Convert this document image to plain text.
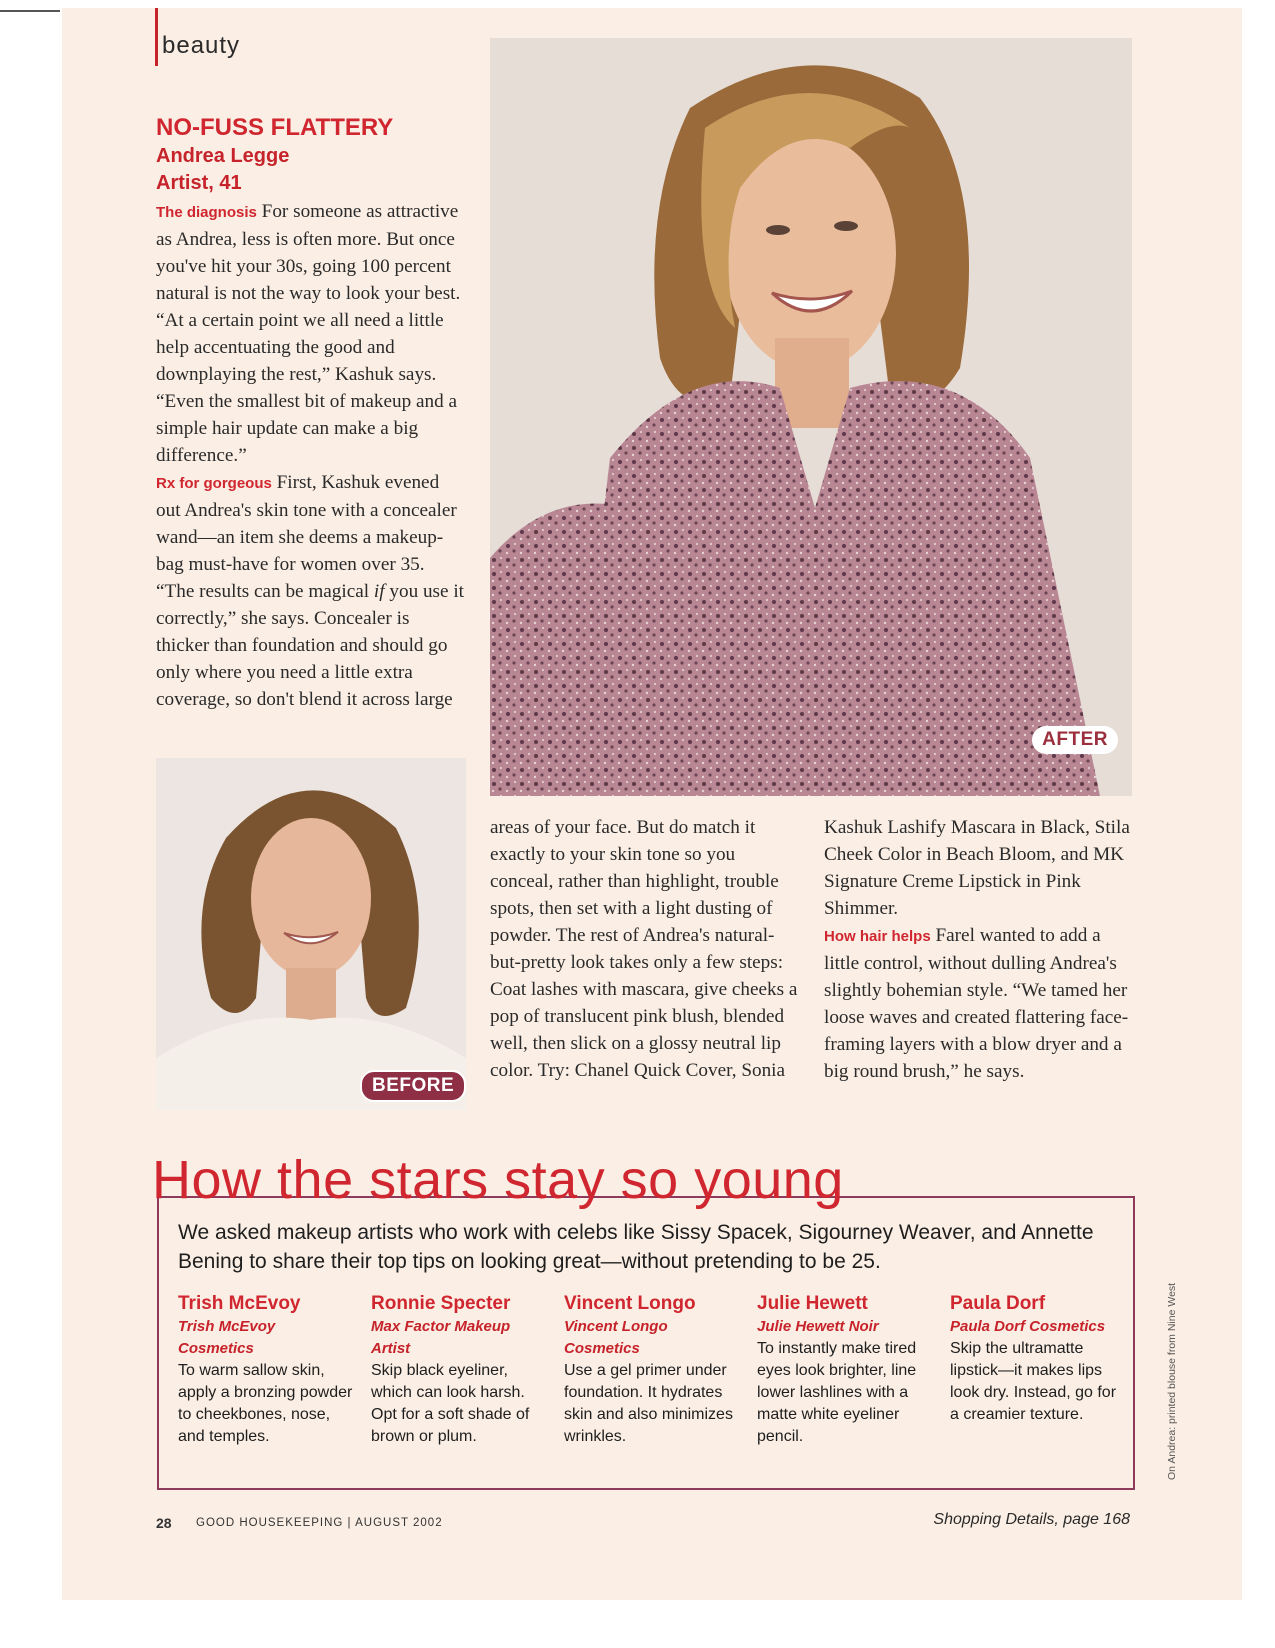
beauty
NO-FUSS FLATTERY
Andrea Legge
Artist, 41

The diagnosis For someone as attractive as Andrea, less is often more. But once you've hit your 30s, going 100 percent natural is not the way to look your best. “At a certain point we all need a little help accentuating the good and downplaying the rest,” Kashuk says. “Even the smallest bit of makeup and a simple hair update can make a big difference.”

Rx for gorgeous First, Kashuk evened out Andrea's skin tone with a concealer wand—an item she deems a makeup-bag must-have for women over 35. “The results can be magical if you use it correctly,” she says. Concealer is thicker than foundation and should go only where you need a little extra coverage, so don't blend it across large

AFTER
BEFORE

areas of your face. But do match it exactly to your skin tone so you conceal, rather than highlight, trouble spots, then set with a light dusting of powder. The rest of Andrea's natural-but-pretty look takes only a few steps: Coat lashes with mascara, give cheeks a pop of translucent pink blush, blended well, then slick on a glossy neutral lip color. Try: Chanel Quick Cover, Sonia

Kashuk Lashify Mascara in Black, Stila Cheek Color in Beach Bloom, and MK Signature Creme Lipstick in Pink Shimmer.

How hair helps Farel wanted to add a little control, without dulling Andrea's slightly bohemian style. “We tamed her loose waves and created flattering face-framing layers with a blow dryer and a big round brush,” he says.

How the stars stay so young
We asked makeup artists who work with celebs like Sissy Spacek, Sigourney Weaver, and Annette Bening to share their top tips on looking great—without pretending to be 25.
Trish McEvoy
Trish McEvoy Cosmetics
To warm sallow skin, apply a bronzing powder to cheekbones, nose, and temples.
Ronnie Specter
Max Factor Makeup Artist
Skip black eyeliner, which can look harsh. Opt for a soft shade of brown or plum.
Vincent Longo
Vincent Longo Cosmetics
Use a gel primer under foundation. It hydrates skin and also minimizes wrinkles.
Julie Hewett
Julie Hewett Noir
To instantly make tired eyes look brighter, line lower lashlines with a matte white eyeliner pencil.
Paula Dorf
Paula Dorf Cosmetics
Skip the ultramatte lipstick—it makes lips look dry. Instead, go for a creamier texture.
28 GOOD HOUSEKEEPING | AUGUST 2002	Shopping Details, page 168
On Andrea: printed blouse from Nine West
